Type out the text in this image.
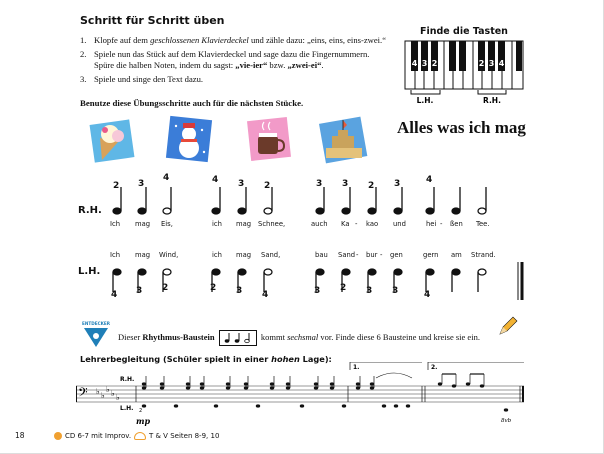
Schritt für Schritt üben
1. Klopfe auf dem geschlossenen Klavierdeckel und zähle dazu: „eins, eins, eins-zwei.“
2. Spiele nun das Stück auf dem Klavierdeckel und sage dazu die Fingernummern.
Spüre die halben Noten, indem du sagst: „vie-ier“ bzw. „zwei-ei“.
3. Spiele und singe den Text dazu.
Benutze diese Übungsschritte auch für die nächsten Stücke.
Finde die Tasten
4 3 2	2 3 4
L.H.	R.H.
Alles was ich mag
R.H.
L.H.
2 3
4	4 3 2	3 3 2 3	4
Ich mag Eis,	ich mag Schnee,	auch Ka - kao und	hei - ßen Tee.
Ich mag Wind,	ich mag Sand,	bau Sand - bur - gen	gern am Strand.
4 3 2	2 3 4	3 2 3 3	4
ENTDECKER
Dieser Rhythmus-Baustein	kommt sechsmal vor. Finde diese 6 Bausteine und kreise sie ein.
Lehrerbegleitung (Schüler spielt in einer hohen Lage):
𝄢 ♭ ♭
♭ ♭ ♭
R.H.
L.H.
mp
2
1.	2.
8vb
18	CD 6-7 mit Improv.	T & V Seiten 8-9, 10
